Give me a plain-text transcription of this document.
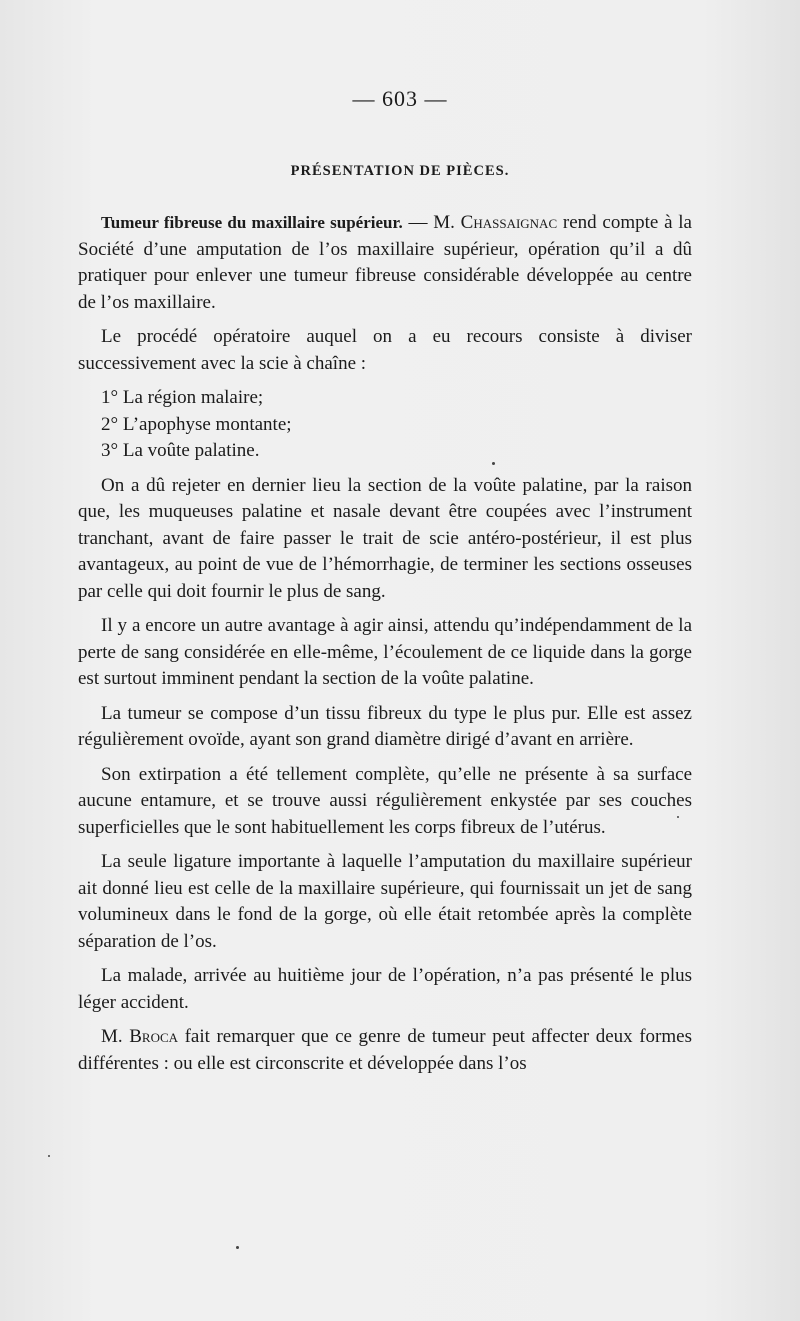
— 603 —
PRÉSENTATION DE PIÈCES.

Tumeur fibreuse du maxillaire supérieur. — M. Chassaignac rend compte à la Société d’une amputation de l’os maxillaire supérieur, opération qu’il a dû pratiquer pour enlever une tumeur fibreuse considérable développée au centre de l’os maxillaire.

Le procédé opératoire auquel on a eu recours consiste à diviser successivement avec la scie à chaîne :

1° La région malaire;
2° L’apophyse montante;
3° La voûte palatine.

On a dû rejeter en dernier lieu la section de la voûte palatine, par la raison que, les muqueuses palatine et nasale devant être coupées avec l’instrument tranchant, avant de faire passer le trait de scie antéro-postérieur, il est plus avantageux, au point de vue de l’hémorrhagie, de terminer les sections osseuses par celle qui doit fournir le plus de sang.

Il y a encore un autre avantage à agir ainsi, attendu qu’indépendamment de la perte de sang considérée en elle-même, l’écoulement de ce liquide dans la gorge est surtout imminent pendant la section de la voûte palatine.

La tumeur se compose d’un tissu fibreux du type le plus pur. Elle est assez régulièrement ovoïde, ayant son grand diamètre dirigé d’avant en arrière.

Son extirpation a été tellement complète, qu’elle ne présente à sa surface aucune entamure, et se trouve aussi régulièrement enkystée par ses couches superficielles que le sont habituellement les corps fibreux de l’utérus.

La seule ligature importante à laquelle l’amputation du maxillaire supérieur ait donné lieu est celle de la maxillaire supérieure, qui fournissait un jet de sang volumineux dans le fond de la gorge, où elle était retombée après la complète séparation de l’os.

La malade, arrivée au huitième jour de l’opération, n’a pas présenté le plus léger accident.

M. Broca fait remarquer que ce genre de tumeur peut affecter deux formes différentes : ou elle est circonscrite et développée dans l’os
